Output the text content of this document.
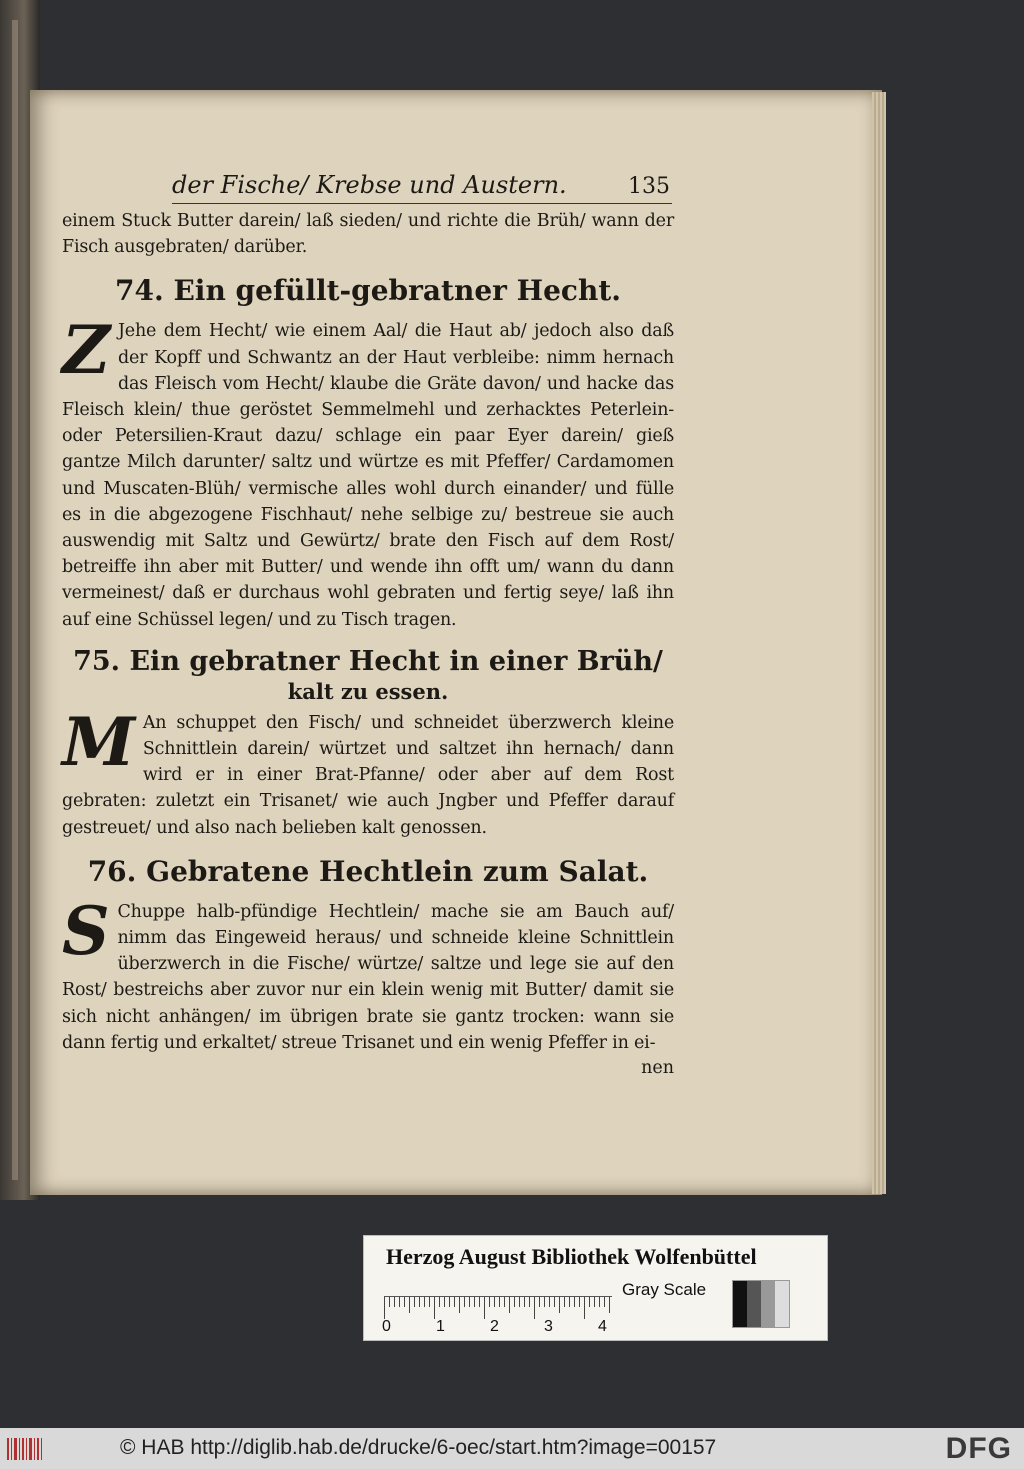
der Fische/ Krebse und Austern.	135

einem Stuck Butter darein/ laß sieden/ und richte die Brüh/ wann der Fisch ausgebraten/ darüber.

74. Ein gefüllt-gebratner Hecht.

Z Jehe dem Hecht/ wie einem Aal/ die Haut ab/ jedoch also daß der Kopff und Schwantz an der Haut verbleibe: nimm hernach das Fleisch vom Hecht/ klaube die Gräte davon/ und hacke das Fleisch klein/ thue geröstet Semmelmehl und zerhacktes Peterlein- oder Petersilien-Kraut dazu/ schlage ein paar Eyer darein/ gieß gantze Milch darunter/ saltz und würtze es mit Pfeffer/ Cardamomen und Muscaten-Blüh/ vermische alles wohl durch einander/ und fülle es in die abgezogene Fischhaut/ nehe selbige zu/ bestreue sie auch auswendig mit Saltz und Gewürtz/ brate den Fisch auf dem Rost/ betreiffe ihn aber mit Butter/ und wende ihn offt um/ wann du dann vermeinest/ daß er durchaus wohl gebraten und fertig seye/ laß ihn auf eine Schüssel legen/ und zu Tisch tragen.

75. Ein gebratner Hecht in einer Brüh/
kalt zu essen.

M An schuppet den Fisch/ und schneidet überzwerch kleine Schnittlein darein/ würtzet und saltzet ihn hernach/ dann wird er in einer Brat-Pfanne/ oder aber auf dem Rost gebraten: zuletzt ein Trisanet/ wie auch Jngber und Pfeffer darauf gestreuet/ und also nach belieben kalt genossen.

76. Gebratene Hechtlein zum Salat.

S Chuppe halb-pfündige Hechtlein/ mache sie am Bauch auf/ nimm das Eingeweid heraus/ und schneide kleine Schnittlein überzwerch in die Fische/ würtze/ saltze und lege sie auf den Rost/ bestreichs aber zuvor nur ein klein wenig mit Butter/ damit sie sich nicht anhängen/ im übrigen brate sie gantz trocken: wann sie dann fertig und erkaltet/ streue Trisanet und ein wenig Pfeffer in ei-

nen
Herzog August Bibliothek Wolfenbüttel
0	1	2	3	4
Gray Scale
© HAB http://diglib.hab.de/drucke/6-oec/start.htm?image=00157	DFG
